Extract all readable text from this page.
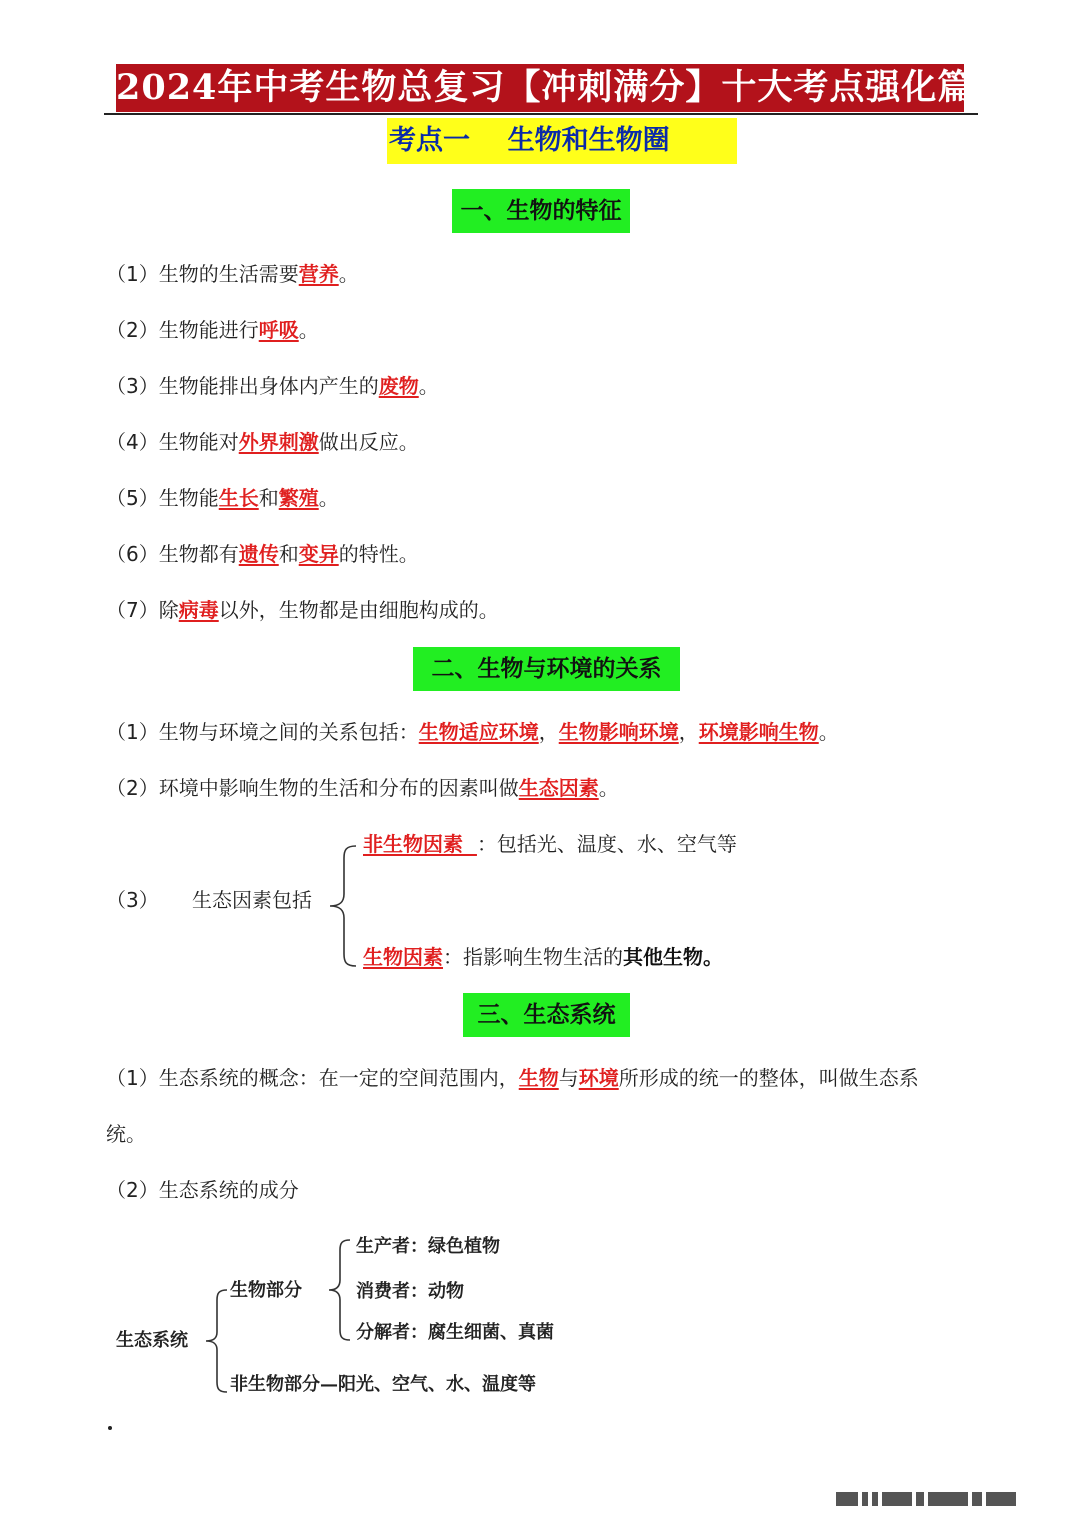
2024年中考生物总复习【冲刺满分】十大考点强化篇
考点一    生物和生物圈
一、生物的特征
（1）生物的生活需要营养。
（2）生物能进行呼吸。
（3）生物能排出身体内产生的废物。
（4）生物能对外界刺激做出反应。
（5）生物能生长和繁殖。
（6）生物都有遗传和变异的特性。
（7）除病毒以外，生物都是由细胞构成的。
二、生物与环境的关系
（1）生物与环境之间的关系包括：生物适应环境，生物影响环境，环境影响生物。
（2）环境中影响生物的生活和分布的因素叫做生态因素。
（3） 生态因素包括
非生物因素 ：包括光、温度、水、空气等
生物因素：指影响生物生活的其他生物。
三、生态系统
（1）生态系统的概念：在一定的空间范围内，生物与环境所形成的统一的整体，叫做生态系
统。
（2）生态系统的成分
生态系统
生物部分
非生物部分—阳光、空气、水、温度等
生产者：绿色植物
消费者：动物
分解者：腐生细菌、真菌
